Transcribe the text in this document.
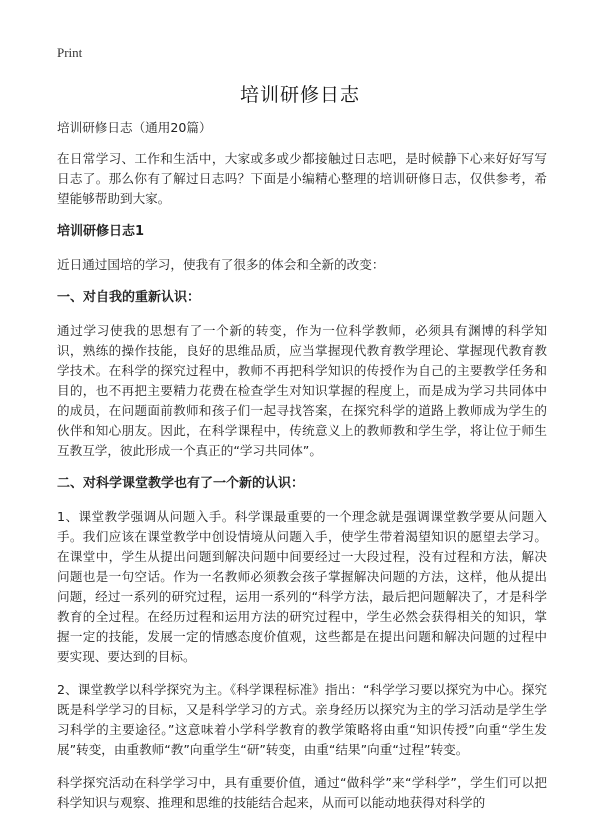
Print
培训研修日志

培训研修日志（通用20篇）

在日常学习、工作和生活中，大家或多或少都接触过日志吧，是时候静下心来好好写写日志了。那么你有了解过日志吗？下面是小编精心整理的培训研修日志，仅供参考，希望能够帮助到大家。

培训研修日志1

近日通过国培的学习，使我有了很多的体会和全新的改变：

一、对自我的重新认识：

通过学习使我的思想有了一个新的转变，作为一位科学教师，必须具有渊博的科学知识，熟练的操作技能，良好的思维品质，应当掌握现代教育教学理论、掌握现代教育教学技术。在科学的探究过程中，教师不再把科学知识的传授作为自己的主要教学任务和目的，也不再把主要精力花费在检查学生对知识掌握的程度上，而是成为学习共同体中的成员，在问题面前教师和孩子们一起寻找答案，在探究科学的道路上教师成为学生的伙伴和知心朋友。因此，在科学课程中，传统意义上的教师教和学生学，将让位于师生互教互学，彼此形成一个真正的“学习共同体”。

二、对科学课堂教学也有了一个新的认识：

1、课堂教学强调从问题入手。科学课最重要的一个理念就是强调课堂教学要从问题入手。我们应该在课堂教学中创设情境从问题入手，使学生带着渴望知识的愿望去学习。在课堂中，学生从提出问题到解决问题中间要经过一大段过程，没有过程和方法，解决问题也是一句空话。作为一名教师必须教会孩子掌握解决问题的方法，这样，他从提出问题，经过一系列的研究过程，运用一系列的“科学方法，最后把问题解决了，才是科学教育的全过程。在经历过程和运用方法的研究过程中，学生必然会获得相关的知识，掌握一定的技能，发展一定的情感态度价值观，这些都是在提出问题和解决问题的过程中要实现、要达到的目标。

2、课堂教学以科学探究为主。《科学课程标准》指出：“科学学习要以探究为中心。探究既是科学学习的目标，又是科学学习的方式。亲身经历以探究为主的学习活动是学生学习科学的主要途径。”这意味着小学科学教育的教学策略将由重“知识传授”向重“学生发展”转变，由重教师“教”向重学生“研”转变，由重“结果”向重“过程”转变。

科学探究活动在科学学习中，具有重要价值，通过“做科学”来“学科学”，学生们可以把科学知识与观察、推理和思维的技能结合起来，从而可以能动地获得对科学的
